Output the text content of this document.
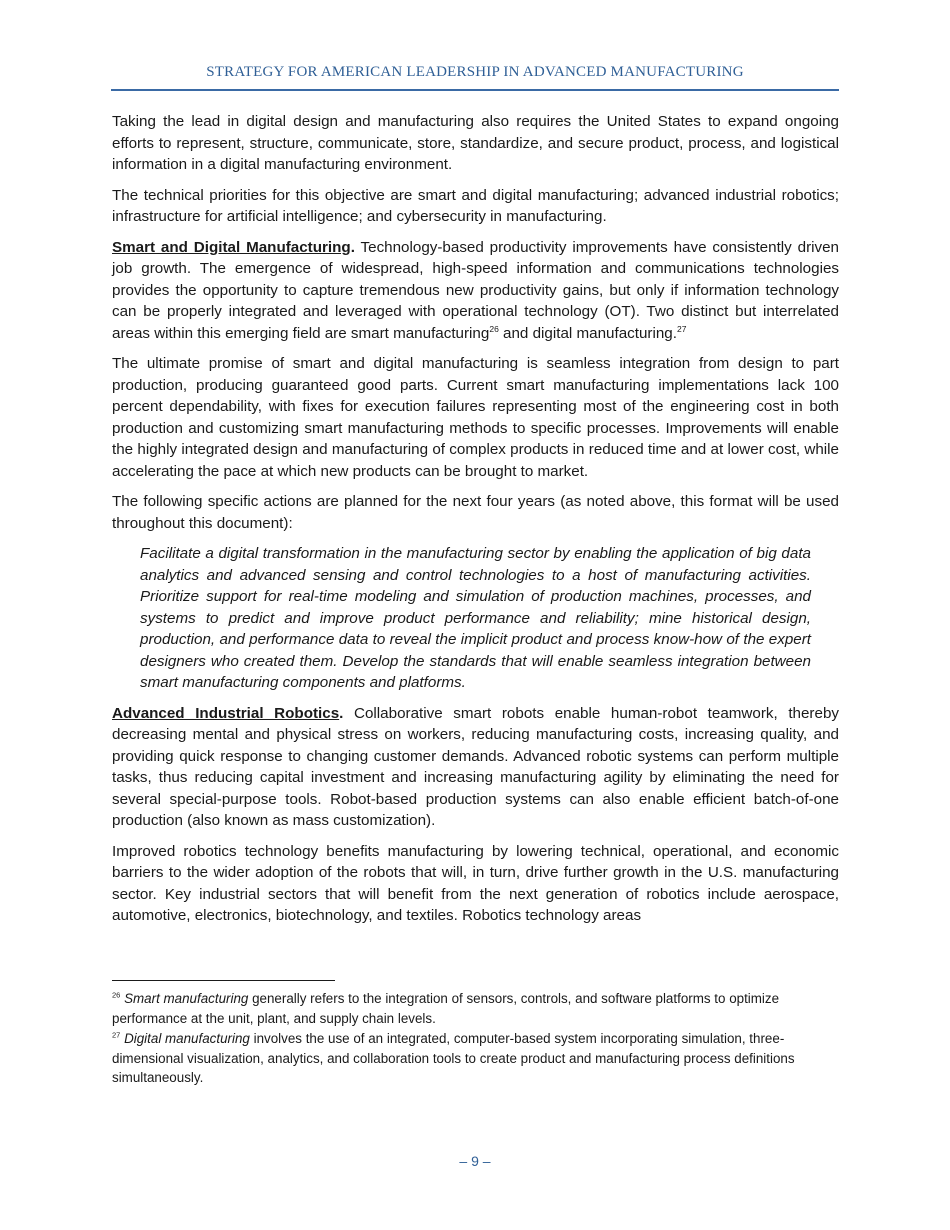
STRATEGY FOR AMERICAN LEADERSHIP IN ADVANCED MANUFACTURING

Taking the lead in digital design and manufacturing also requires the United States to expand ongoing efforts to represent, structure, communicate, store, standardize, and secure product, process, and logistical information in a digital manufacturing environment.

The technical priorities for this objective are smart and digital manufacturing; advanced industrial robotics; infrastructure for artificial intelligence; and cybersecurity in manufacturing.

Smart and Digital Manufacturing. Technology-based productivity improvements have consistently driven job growth. The emergence of widespread, high-speed information and communications technologies provides the opportunity to capture tremendous new productivity gains, but only if information technology can be properly integrated and leveraged with operational technology (OT). Two distinct but interrelated areas within this emerging field are smart manufacturing$^{26}$ and digital manufacturing.$^{27}$

The ultimate promise of smart and digital manufacturing is seamless integration from design to part production, producing guaranteed good parts. Current smart manufacturing implementations lack 100 percent dependability, with fixes for execution failures representing most of the engineering cost in both production and customizing smart manufacturing methods to specific processes. Improvements will enable the highly integrated design and manufacturing of complex products in reduced time and at lower cost, while accelerating the pace at which new products can be brought to market.

The following specific actions are planned for the next four years (as noted above, this format will be used throughout this document):

Facilitate a digital transformation in the manufacturing sector by enabling the application of big data analytics and advanced sensing and control technologies to a host of manufacturing activities. Prioritize support for real-time modeling and simulation of production machines, processes, and systems to predict and improve product performance and reliability; mine historical design, production, and performance data to reveal the implicit product and process know-how of the expert designers who created them. Develop the standards that will enable seamless integration between smart manufacturing components and platforms.

Advanced Industrial Robotics. Collaborative smart robots enable human-robot teamwork, thereby decreasing mental and physical stress on workers, reducing manufacturing costs, increasing quality, and providing quick response to changing customer demands. Advanced robotic systems can perform multiple tasks, thus reducing capital investment and increasing manufacturing agility by eliminating the need for several special-purpose tools. Robot-based production systems can also enable efficient batch-of-one production (also known as mass customization).

Improved robotics technology benefits manufacturing by lowering technical, operational, and economic barriers to the wider adoption of the robots that will, in turn, drive further growth in the U.S. manufacturing sector. Key industrial sectors that will benefit from the next generation of robotics include aerospace, automotive, electronics, biotechnology, and textiles. Robotics technology areas

$^{26}$ Smart manufacturing generally refers to the integration of sensors, controls, and software platforms to optimize performance at the unit, plant, and supply chain levels.

$^{27}$ Digital manufacturing involves the use of an integrated, computer-based system incorporating simulation, three-dimensional visualization, analytics, and collaboration tools to create product and manufacturing process definitions simultaneously.

– 9 –
